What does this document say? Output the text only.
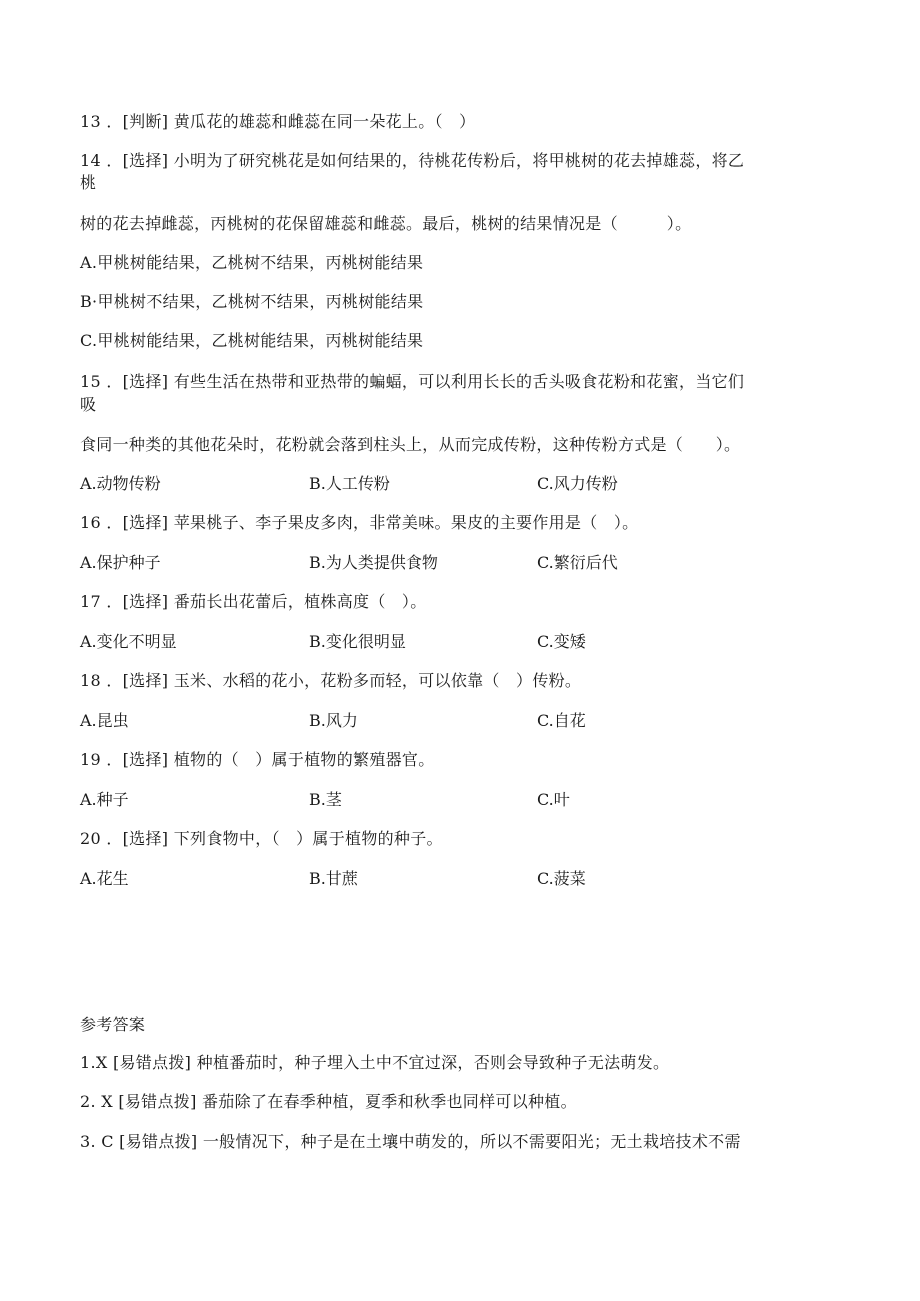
13 ．[判断] 黄瓜花的雄蕊和雌蕊在同一朵花上。（　）
14 ．[选择] 小明为了研究桃花是如何结果的，待桃花传粉后，将甲桃树的花去掉雄蕊，将乙
桃
树的花去掉雌蕊，丙桃树的花保留雄蕊和雌蕊。最后，桃树的结果情况是（　　　）。
A.甲桃树能结果，乙桃树不结果，丙桃树能结果
B·甲桃树不结果，乙桃树不结果，丙桃树能结果
C.甲桃树能结果，乙桃树能结果，丙桃树能结果
15 ．[选择] 有些生活在热带和亚热带的蝙蝠，可以利用长长的舌头吸食花粉和花蜜，当它们
吸
食同一种类的其他花朵时，花粉就会落到柱头上，从而完成传粉，这种传粉方式是（　　）。
A.动物传粉	B.人工传粉	C.风力传粉
16 ．[选择] 苹果桃子、李子果皮多肉，非常美味。果皮的主要作用是（　）。
A.保护种子	B.为人类提供食物	C.繁衍后代
17 ．[选择] 番茄长出花蕾后，植株高度（　）。
A.变化不明显	B.变化很明显	C.变矮
18 ．[选择] 玉米、水稻的花小，花粉多而轻，可以依靠（　）传粉。
A.昆虫	B.风力	C.自花
19 ．[选择] 植物的（　）属于植物的繁殖器官。
A.种子	B.茎	C.叶
20 ．[选择] 下列食物中，（　）属于植物的种子。
A.花生	B.甘蔗	C.菠菜
参考答案
1.X [易错点拨] 种植番茄时，种子埋入土中不宜过深，否则会导致种子无法萌发。
2. X [易错点拨] 番茄除了在春季种植，夏季和秋季也同样可以种植。
3. C [易错点拨] 一般情况下，种子是在土壤中萌发的，所以不需要阳光；无土栽培技术不需
